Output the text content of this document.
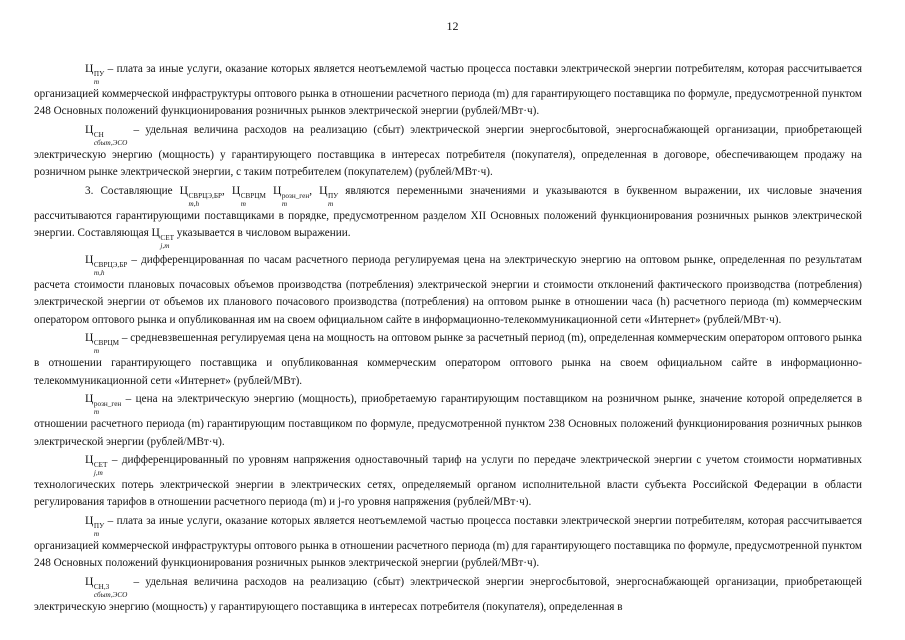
12

Ц ПУ
m
– плата за иные услуги, оказание которых является неотъемлемой частью процесса поставки электрической энергии потребителям, которая рассчитывается организацией коммерческой инфраструктуры оптового рынка в отношении расчетного периода (m) для гарантирующего поставщика по формуле, предусмотренной пунктом 248 Основных положений функционирования розничных рынков электрической энергии (рублей/МВт·ч).

Ц СН
сбыт,ЭСО
– удельная величина расходов на реализацию (сбыт) электрической энергии энергосбытовой, энергоснабжающей организации, приобретающей электрическую энергию (мощность) у гарантирующего поставщика в интересах потребителя (покупателя), определенная в договоре, обеспечивающем продажу на розничном рынке электрической энергии, с таким потребителем (покупателем) (рублей/МВт·ч).

3. Составляющие Ц СВРЦЭ,БР
m,h
, Ц СВРЦМ
m
Ц розн_ген
m
, Ц ПУ
m
являются переменными значениями и указываются в буквенном выражении, их числовые значения рассчитываются гарантирующими поставщиками в порядке, предусмотренном разделом XII Основных положений функционирования розничных рынков электрической энергии. Составляющая Ц СЕТ
j,m
указывается в числовом выражении.

Ц СВРЦЭ,БР
m,h
– дифференцированная по часам расчетного периода регулируемая цена на электрическую энергию на оптовом рынке, определенная по результатам расчета стоимости плановых почасовых объемов производства (потребления) электрической энергии и стоимости отклонений фактического производства (потребления) электрической энергии от объемов их планового почасового производства (потребления) на оптовом рынке в отношении часа (h) расчетного периода (m) коммерческим оператором оптового рынка и опубликованная им на своем официальном сайте в информационно-телекоммуникационной сети «Интернет» (рублей/МВт·ч).

Ц СВРЦМ
m
– средневзвешенная регулируемая цена на мощность на оптовом рынке за расчетный период (m), определенная коммерческим оператором оптового рынка в отношении гарантирующего поставщика и опубликованная коммерческим оператором оптового рынка на своем официальном сайте в информационно-телекоммуникационной сети «Интернет» (рублей/МВт).

Ц розн_ген
m
– цена на электрическую энергию (мощность), приобретаемую гарантирующим поставщиком на розничном рынке, значение которой определяется в отношении расчетного периода (m) гарантирующим поставщиком по формуле, предусмотренной пунктом 238 Основных положений функционирования розничных рынков электрической энергии (рублей/МВт·ч).

Ц СЕТ
j,m
– дифференцированный по уровням напряжения одноставочный тариф на услуги по передаче электрической энергии с учетом стоимости нормативных технологических потерь электрической энергии в электрических сетях, определяемый органом исполнительной власти субъекта Российской Федерации в области регулирования тарифов в отношении расчетного периода (m) и j-го уровня напряжения (рублей/МВт·ч).

Ц ПУ
m
– плата за иные услуги, оказание которых является неотъемлемой частью процесса поставки электрической энергии потребителям, которая рассчитывается организацией коммерческой инфраструктуры оптового рынка в отношении расчетного периода (m) для гарантирующего поставщика по формуле, предусмотренной пунктом 248 Основных положений функционирования розничных рынков электрической энергии (рублей/МВт·ч).

Ц СН,3
сбыт,ЭСО
– удельная величина расходов на реализацию (сбыт) электрической энергии энергосбытовой, энергоснабжающей организации, приобретающей электрическую энергию (мощность) у гарантирующего поставщика в интересах потребителя (покупателя), определенная в
